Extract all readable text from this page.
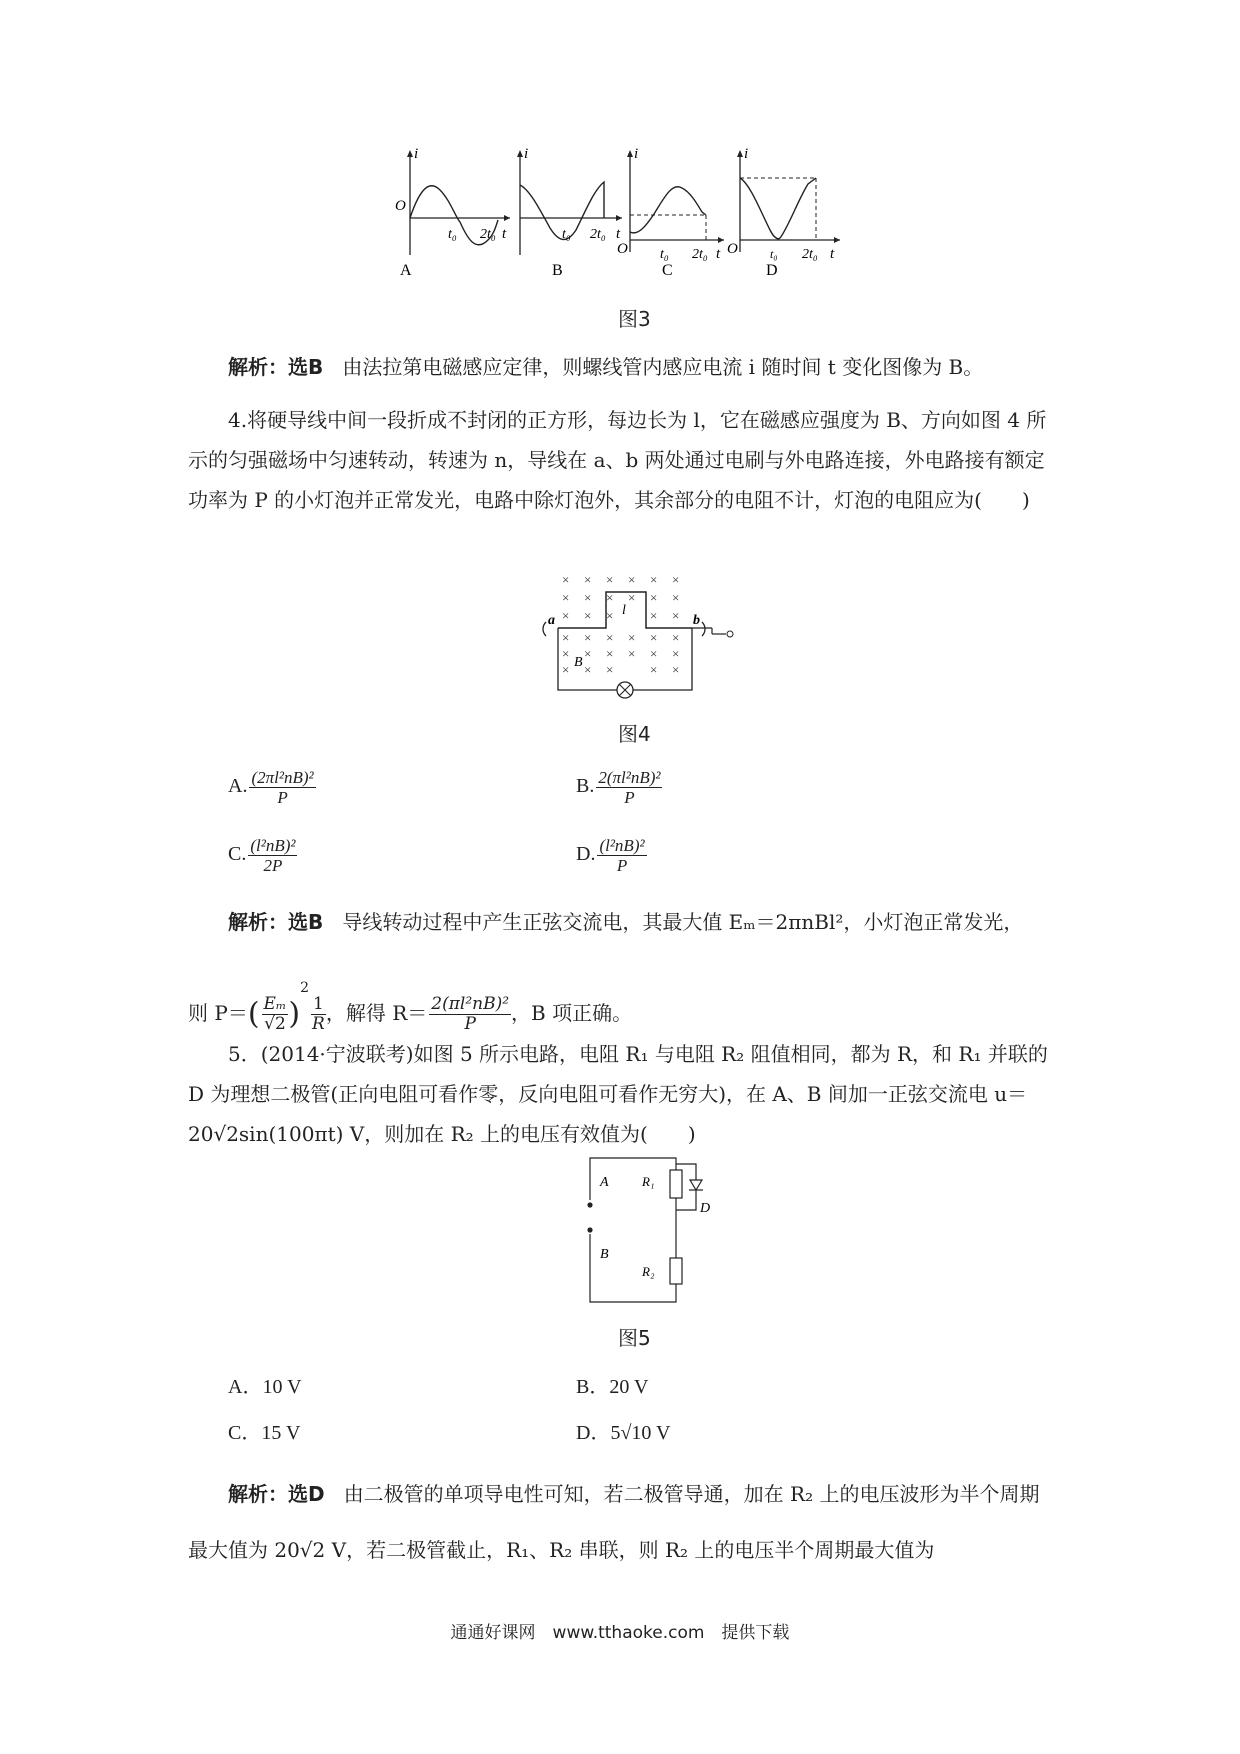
i
O
t₀ 2t₀ t
A
i
t₀ 2t₀ t
B
i
O t₀ 2t₀ t
C
i
O	t₀ 2t₀ t
D
图3
解析：选B 由法拉第电磁感应定律，则螺线管内感应电流 i 随时间 t 变化图像为 B。
4.将硬导线中间一段折成不封闭的正方形，每边长为 l，它在磁感应强度为 B、方向如图 4 所示的匀强磁场中匀速转动，转速为 n，导线在 a、b 两处通过电刷与外电路连接，外电路接有额定功率为 P 的小灯泡并正常发光，电路中除灯泡外，其余部分的电阻不计，灯泡的电阻应为(　　)
× × × × × ×
× × × × × ×
× × ×	× ×
× × × × × ×
× × × × × ×
× × ×	× ×
a	b
l
B
图4
A. $\frac{\text{(2πl²nB)²}}{P}$	B. $\frac{\text{2(πl²nB)²}}{P}$
C. $\frac{\text{(l²nB)²}}{2P}$	D. $\frac{\text{(l²nB)²}}{P}$
解析：选B 导线转动过程中产生正弦交流电，其最大值 Eₘ＝2πnBl²，小灯泡正常发光，
则 $P=( \frac{\text{Eₘ}}{√2} )^2$
$\frac{1}{R}$ ，解得 $R= \frac{\text{2(πl²nB)²}}{P}$ ，B 项正确。
5．(2014·宁波联考)如图 5 所示电路，电阻 R₁ 与电阻 R₂ 阻值相同，都为 R，和 R₁ 并联的 D 为理想二极管(正向电阻可看作零，反向电阻可看作无穷大)，在 A、B 间加一正弦交流电 u＝20√2sin(100πt) V，则加在 R₂ 上的电压有效值为(　　)
A
B
R₁
R₂
D
图5
A．10 V	B．20 V
C．15 V	D．5√10 V
解析：选D 由二极管的单项导电性可知，若二极管导通，加在 R₂ 上的电压波形为半个周期最大值为 20√2 V，若二极管截止，R₁、R₂ 串联，则 R₂ 上的电压半个周期最大值为
通通好课网　www.tthaoke.com　提供下载
